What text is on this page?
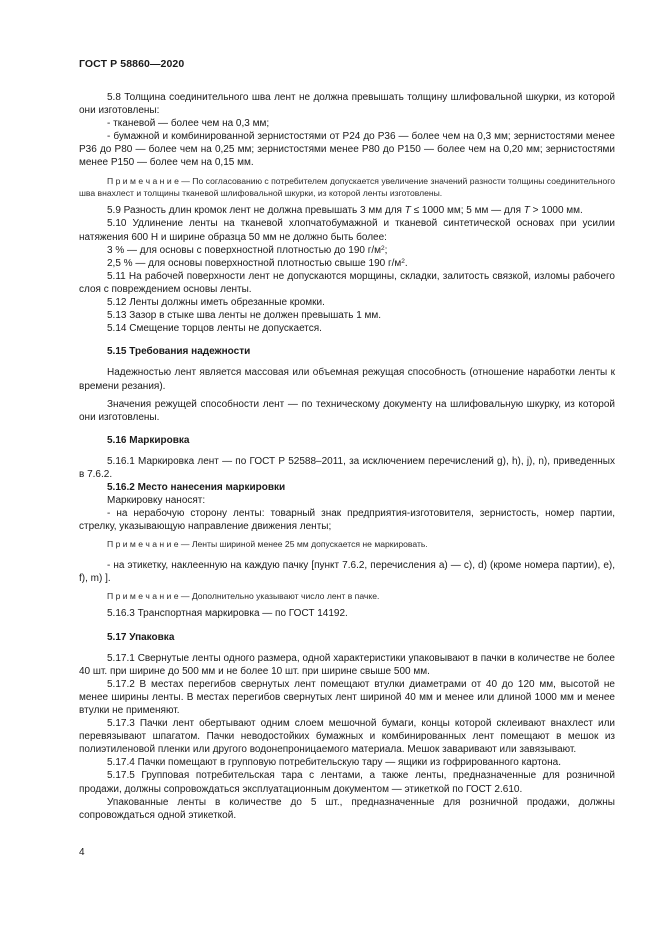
ГОСТ Р 58860—2020

5.8 Толщина соединительного шва лент не должна превышать толщину шлифовальной шкурки, из которой они изготовлены:

- тканевой — более чем на 0,3 мм;

- бумажной и комбинированной зернистостями от Р24 до Р36 — более чем на 0,3 мм; зернистостями менее Р36 до Р80 — более чем на 0,25 мм; зернистостями менее Р80 до Р150 — более чем на 0,20 мм; зернистостями менее Р150 — более чем на 0,15 мм.

П р и м е ч а н и е — По согласованию с потребителем допускается увеличение значений разности толщины соединительного шва внахлест и толщины тканевой шлифовальной шкурки, из которой ленты изготовлены.

5.9 Разность длин кромок лент не должна превышать 3 мм для T ≤ 1000 мм; 5 мм — для T > 1000 мм.

5.10 Удлинение ленты на тканевой хлопчатобумажной и тканевой синтетической основах при усилии натяжения 600 Н и ширине образца 50 мм не должно быть более:

3 % — для основы с поверхностной плотностью до 190 $г/м^2$;

2,5 % — для основы поверхностной плотностью свыше 190 $г/м^2$.

5.11 На рабочей поверхности лент не допускаются морщины, складки, залитость связкой, изломы рабочего слоя с повреждением основы ленты.

5.12 Ленты должны иметь обрезанные кромки.

5.13 Зазор в стыке шва ленты не должен превышать 1 мм.

5.14 Смещение торцов ленты не допускается.

5.15 Требования надежности

Надежностью лент является массовая или объемная режущая способность (отношение наработки ленты к времени резания).

Значения режущей способности лент — по техническому документу на шлифовальную шкурку, из которой они изготовлены.

5.16 Маркировка

5.16.1 Маркировка лент — по ГОСТ Р 52588–2011, за исключением перечислений g), h), j), n), приведенных в 7.6.2.

5.16.2 Место нанесения маркировки

Маркировку наносят:

- на нерабочую сторону ленты: товарный знак предприятия-изготовителя, зернистость, номер партии, стрелку, указывающую направление движения ленты;

П р и м е ч а н и е — Ленты шириной менее 25 мм допускается не маркировать.

- на этикетку, наклеенную на каждую пачку [пункт 7.6.2, перечисления a) — c), d) (кроме номера партии), e), f), m) ].

П р и м е ч а н и е — Дополнительно указывают число лент в пачке.

5.16.3 Транспортная маркировка — по ГОСТ 14192.

5.17 Упаковка

5.17.1 Свернутые ленты одного размера, одной характеристики упаковывают в пачки в количестве не более 40 шт. при ширине до 500 мм и не более 10 шт. при ширине свыше 500 мм.

5.17.2 В местах перегибов свернутых лент помещают втулки диаметрами от 40 до 120 мм, высотой не менее ширины ленты. В местах перегибов свернутых лент шириной 40 мм и менее или длиной 1000 мм и менее втулки не применяют.

5.17.3 Пачки лент обертывают одним слоем мешочной бумаги, концы которой склеивают внахлест или перевязывают шпагатом. Пачки неводостойких бумажных и комбинированных лент помещают в мешок из полиэтиленовой пленки или другого водонепроницаемого материала. Мешок заваривают или завязывают.

5.17.4 Пачки помещают в групповую потребительскую тару — ящики из гофрированного картона.

5.17.5 Групповая потребительская тара с лентами, а также ленты, предназначенные для розничной продажи, должны сопровождаться эксплуатационным документом — этикеткой по ГОСТ 2.610.

Упакованные ленты в количестве до 5 шт., предназначенные для розничной продажи, должны сопровождаться одной этикеткой.

4
